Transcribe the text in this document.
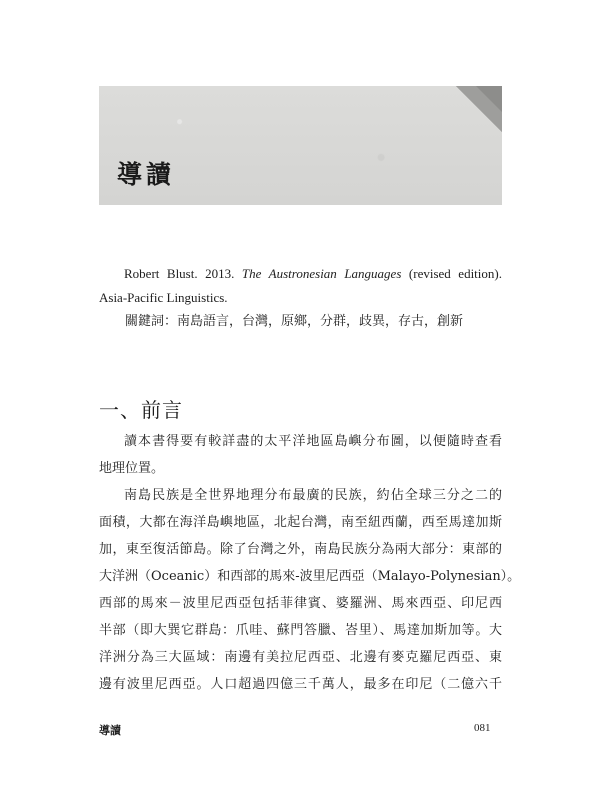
導讀
Robert Blust. 2013. The Austronesian Languages (revised edition).
Asia-Pacific Linguistics.
關鍵詞：南島語言，台灣，原鄉，分群，歧異，存古，創新
一、前言
讀本書得要有較詳盡的太平洋地區島嶼分布圖，以便隨時查看
地理位置。
南島民族是全世界地理分布最廣的民族，約佔全球三分之二的
面積，大都在海洋島嶼地區，北起台灣，南至紐西蘭，西至馬達加斯
加，東至復活節島。除了台灣之外，南島民族分為兩大部分：東部的
大洋洲（Oceanic）和西部的馬來-波里尼西亞（Malayo-Polynesian）。
西部的馬來－波里尼西亞包括菲律賓、婆羅洲、馬來西亞、印尼西
半部（即大巽它群島：爪哇、蘇門答臘、峇里）、馬達加斯加等。大
洋洲分為三大區域：南邊有美拉尼西亞、北邊有麥克羅尼西亞、東
邊有波里尼西亞。人口超過四億三千萬人，最多在印尼（二億六千
導讀	081
